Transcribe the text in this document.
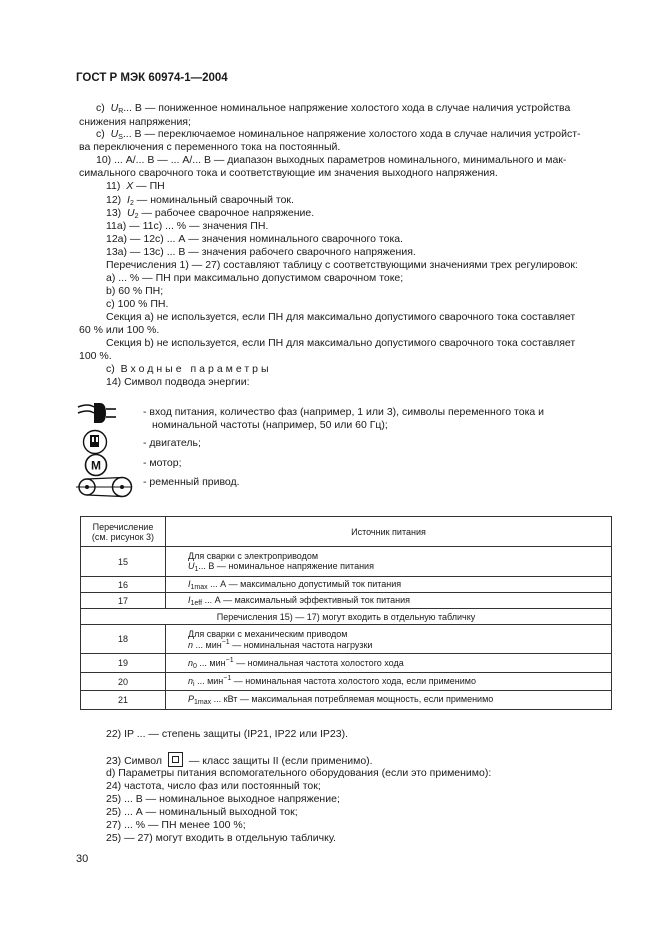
ГОСТ Р МЭК 60974-1—2004
c) $U_R$... В — пониженное номинальное напряжение холостого хода в случае наличия устройства
снижения напряжения;
c) $U_S$... В — переключаемое номинальное напряжение холостого хода в случае наличия устройст-
ва переключения с переменного тока на постоянный.
10) ... А/... В — ... А/... В — диапазон выходных параметров номинального, минимального и мак-
симального сварочного тока и соответствующие им значения выходного напряжения.
11) X — ПН
12) $I_2$ — номинальный сварочный ток.
13) $U_2$ — рабочее сварочное напряжение.
11а) — 11с) ... % — значения ПН.
12а) — 12с) ... А — значения номинального сварочного тока.
13а) — 13с) ... В — значения рабочего сварочного напряжения.
Перечисления 1) — 27) составляют таблицу с соответствующими значениями трех регулировок:
а) ... % — ПН при максимально допустимом сварочном токе;
b) 60 % ПН;
c) 100 % ПН.
Секция а) не используется, если ПН для максимально допустимого сварочного тока составляет
60 % или 100 %.
Секция b) не используется, если ПН для максимально допустимого сварочного тока составляет
100 %.
c) Входные параметры
14) Символ подвода энергии:
M
- вход питания, количество фаз (например, 1 или 3), символы переменного тока и
номинальной частоты (например, 50 или 60 Гц);
- двигатель;
- мотор;
- ременный привод.
Перечисление
(см. рисунок 3)	Источник питания
15	Для сварки с электроприводом
$U_1$... В — номинальное напряжение питания

16	$I_{1max}$ ... А — максимально допустимый ток питания
17	$I_{1eff}$ ... А — максимальный эффективный ток питания
Перечисления 15) — 17) могут входить в отдельную табличку	
18	Для сварки с механическим приводом
n ... мин$^{-1}$ — номинальная частота нагрузки

19	$n_0$ ... мин$^{-1}$ — номинальная частота холостого хода
20	$n_i$ ... мин$^{-1}$ — номинальная частота холостого хода, если применимо
21	$P_{1max}$ ... кВт — максимальная потребляемая мощность, если применимо
22) IP ... — степень защиты (IP21, IP22 или IP23).
23) Символ	— класс защиты II (если применимо).
d) Параметры питания вспомогательного оборудования (если это применимо):
24) частота, число фаз или постоянный ток;
25) ... В — номинальное выходное напряжение;
25) ... А — номинальный выходной ток;
27) ... % — ПН менее 100 %;
25) — 27) могут входить в отдельную табличку.
30
